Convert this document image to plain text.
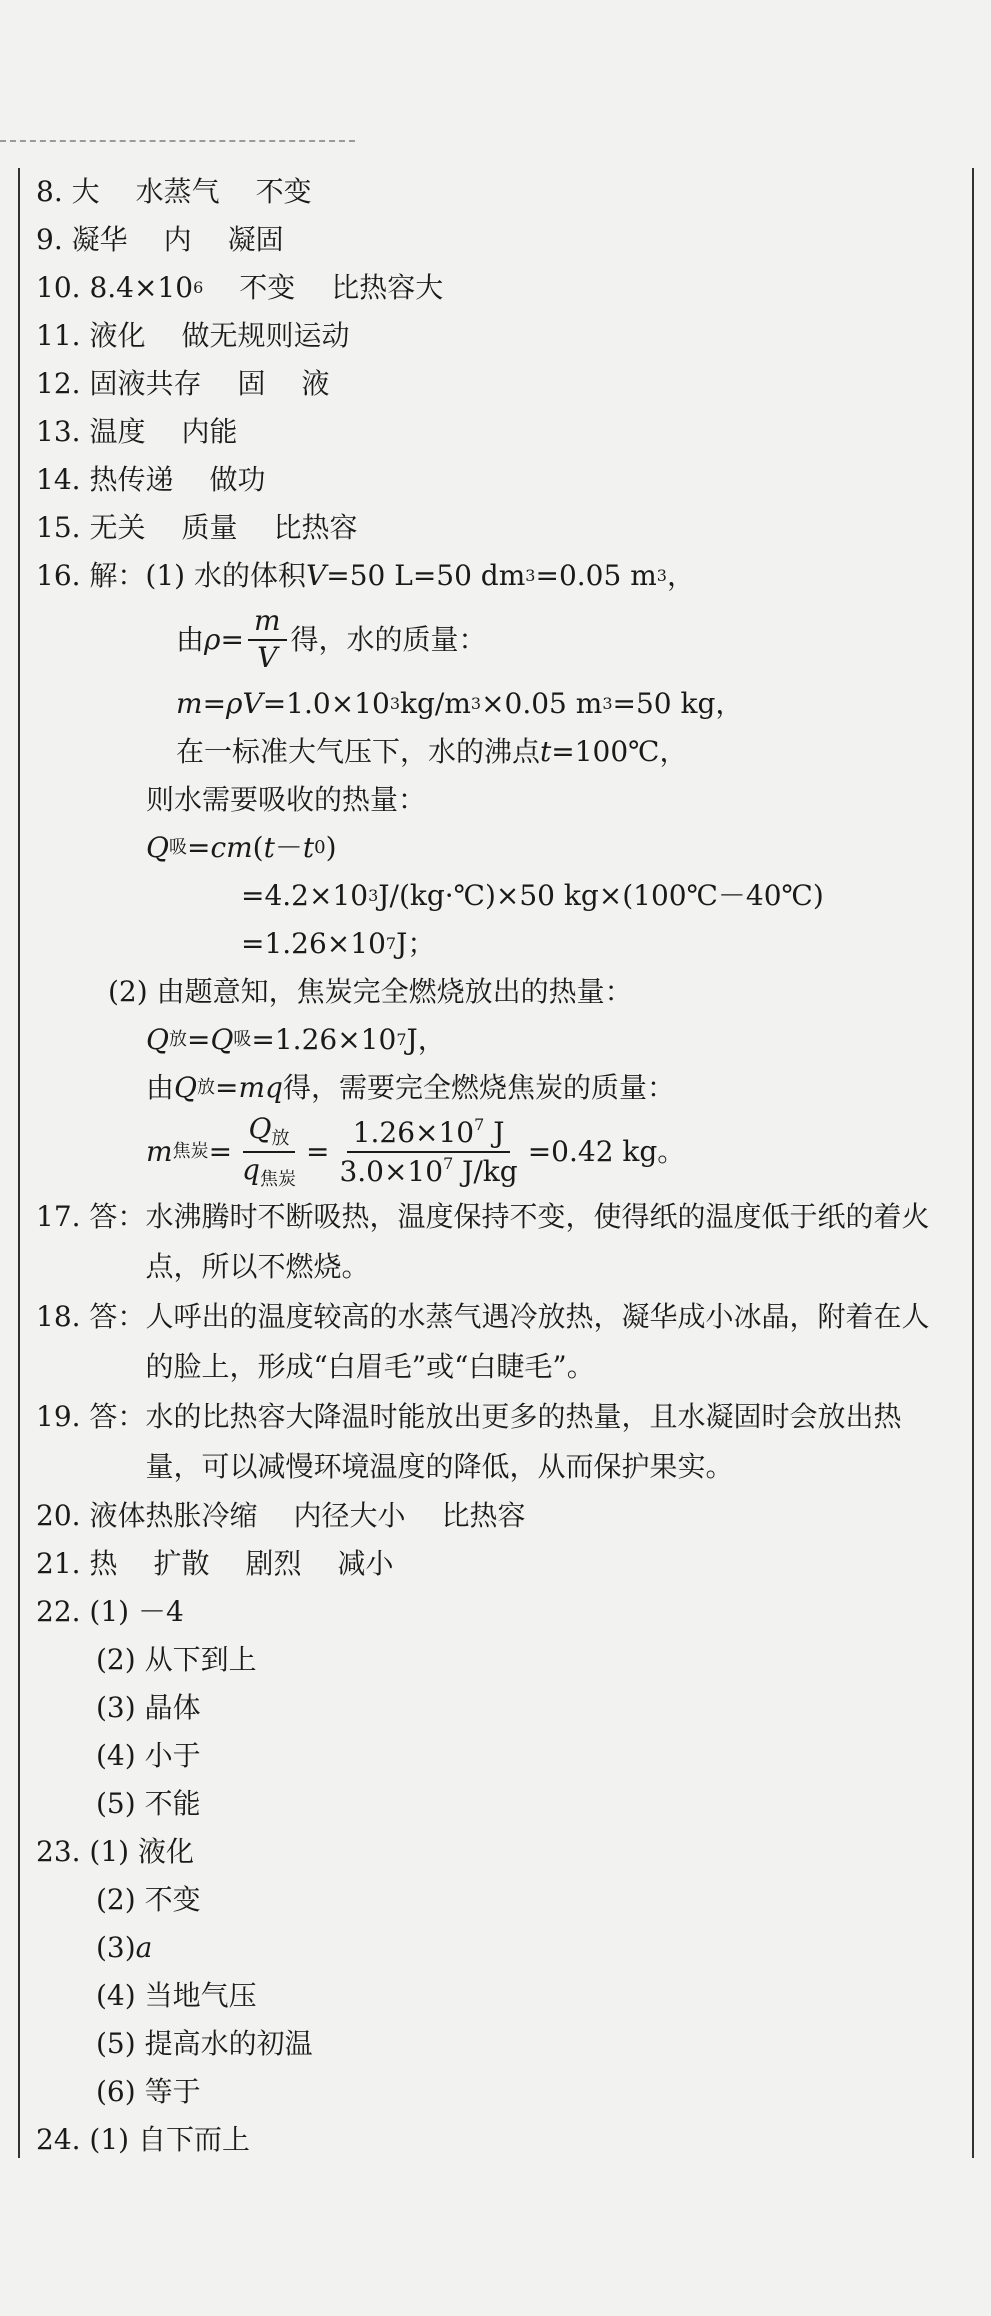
8.
大 水蒸气 不变
9.
凝华 内 凝固
10.
8.4×10 6 不变 比热容大
11.
液化 做无规则运动
12.
固液共存 固 液
13.
温度 内能
14.
热传递 做功
15.
无关 质量 比热容
16. 解：(1) 水的体积 V =50 L=50 dm 3 =0.05 m 3 ，
由 $\rho = \frac{m}{V}$ 得，水的质量：
m = ρV =1.0×10 3 kg/m 3 ×0.05 m 3 =50 kg，
在一标准大气压下，水的沸点 t =100℃，
则水需要吸收的热量：
Q 吸 = cm ( t － t 0 )
=4.2×10 3 J/(kg·℃)×50 kg×(100℃－40℃)
=1.26×10 7 J；
(2) 由题意知，焦炭完全燃烧放出的热量：
Q 放 = Q 吸 =1.26×10 7 J，
由 Q 放 = mq 得，需要完全燃烧焦炭的质量：
m 焦炭 = $\frac{Q_放}{q_{焦炭}} = \frac{1.26\times 10^7 J}{3.0\times 10^7 J/kg} =0.42$ kg。
17. 答： 水沸腾时不断吸热，温度保持不变，使得纸的温度低于纸的着火点，所以不燃烧。
18. 答： 人呼出的温度较高的水蒸气遇冷放热，凝华成小冰晶，附着在人的脸上，形成“白眉毛”或“白睫毛”。
19. 答： 水的比热容大降温时能放出更多的热量，且水凝固时会放出热量，可以减慢环境温度的降低，从而保护果实。
20.
液体热胀冷缩 内径大小 比热容
21.
热 扩散 剧烈 减小
22. (1) －4
(2) 从下到上
(3) 晶体
(4) 小于
(5) 不能
23. (1) 液化
(2) 不变
(3) a
(4) 当地气压
(5) 提高水的初温
(6) 等于
24. (1) 自下而上
